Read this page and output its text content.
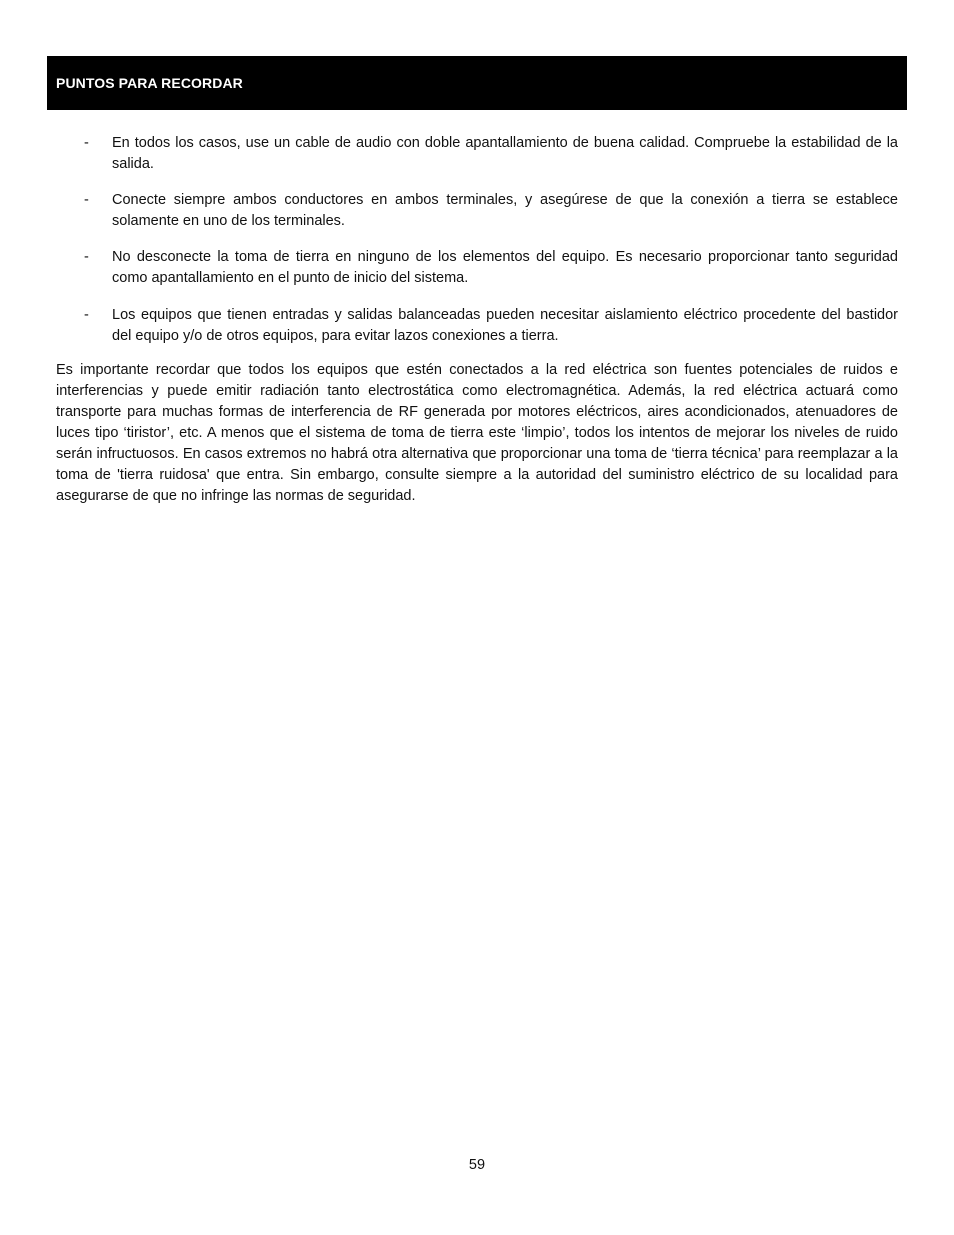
PUNTOS PARA RECORDAR
- En todos los casos, use un cable de audio con doble apantallamiento de buena calidad. Compruebe la estabilidad de la salida.
- Conecte siempre ambos conductores en ambos terminales, y asegúrese de que la conexión a tierra se establece solamente en uno de los terminales.
- No desconecte la toma de tierra en ninguno de los elementos del equipo. Es necesario proporcionar tanto seguridad como apantallamiento en el punto de inicio del sistema.
- Los equipos que tienen entradas y salidas balanceadas pueden necesitar aislamiento eléctrico procedente del bastidor del equipo y/o de otros equipos, para evitar lazos conexiones a tierra.

Es importante recordar que todos los equipos que estén conectados a la red eléctrica son fuentes potenciales de ruidos e interferencias y puede emitir radiación tanto electrostática como electromagnética. Además, la red eléctrica actuará como transporte para muchas formas de interferencia de RF generada por motores eléctricos, aires acondicionados, atenuadores de luces tipo ‘tiristor’, etc. A menos que el sistema de toma de tierra este ‘limpio’, todos los intentos de mejorar los niveles de ruido serán infructuosos. En casos extremos no habrá otra alternativa que proporcionar una toma de ‘tierra técnica’ para reemplazar a la toma de 'tierra ruidosa' que entra. Sin embargo, consulte siempre a la autoridad del suministro eléctrico de su localidad para asegurarse de que no infringe las normas de seguridad.

59
